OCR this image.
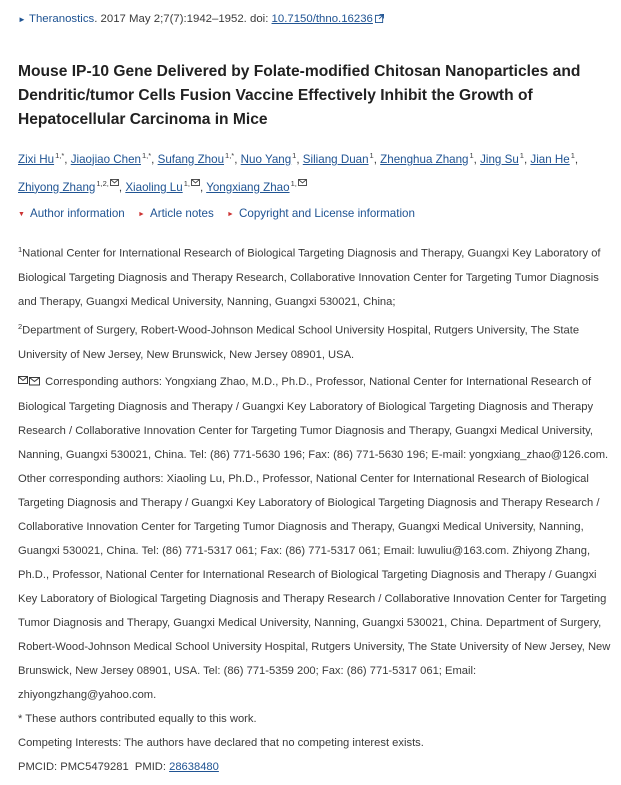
► Theranostics. 2017 May 2;7(7):1942–1952. doi: 10.7150/thno.16236
Mouse IP-10 Gene Delivered by Folate-modified Chitosan Nanoparticles and Dendritic/tumor Cells Fusion Vaccine Effectively Inhibit the Growth of Hepatocellular Carcinoma in Mice
Zixi $Hu^{1,*}$, Jiaojiao Chen$^{1,*}$, Sufang Zhou$^{1,*}$, Nuo Yang$^1$, Siliang Duan$^1$, Zhenghua Zhang$^1$, Jing Su$^1$, Jian He$^1$,
Zhiyong Zhang$^{1,2,}$ , Xiaoling $Lu^{1,}$ , Yongxiang Zhao$^{1,}$
▼ Author information ► Article notes ► Copyright and License information

$^1$National Center for International Research of Biological Targeting Diagnosis and Therapy, Guangxi Key Laboratory of Biological Targeting Diagnosis and Therapy Research, Collaborative Innovation Center for Targeting Tumor Diagnosis and Therapy, Guangxi Medical University, Nanning, Guangxi 530021, China;

$^2$Department of Surgery, Robert-Wood-Johnson Medical School University Hospital, Rutgers University, The State University of New Jersey, New Brunswick, New Jersey 08901, USA.

Corresponding authors: Yongxiang Zhao, M.D., Ph.D., Professor, National Center for International Research of Biological Targeting Diagnosis and Therapy / Guangxi Key Laboratory of Biological Targeting Diagnosis and Therapy Research / Collaborative Innovation Center for Targeting Tumor Diagnosis and Therapy, Guangxi Medical University, Nanning, Guangxi 530021, China. Tel: (86) 771-5630 196; Fax: (86) 771-5630 196; E-mail: yongxiang_zhao@126.com. Other corresponding authors: Xiaoling Lu, Ph.D., Professor, National Center for International Research of Biological Targeting Diagnosis and Therapy / Guangxi Key Laboratory of Biological Targeting Diagnosis and Therapy Research / Collaborative Innovation Center for Targeting Tumor Diagnosis and Therapy, Guangxi Medical University, Nanning, Guangxi 530021, China. Tel: (86) 771-5317 061; Fax: (86) 771-5317 061; Email: luwuliu@163.com. Zhiyong Zhang, Ph.D., Professor, National Center for International Research of Biological Targeting Diagnosis and Therapy / Guangxi Key Laboratory of Biological Targeting Diagnosis and Therapy Research / Collaborative Innovation Center for Targeting Tumor Diagnosis and Therapy, Guangxi Medical University, Nanning, Guangxi 530021, China. Department of Surgery, Robert-Wood-Johnson Medical School University Hospital, Rutgers University, The State University of New Jersey, New Brunswick, New Jersey 08901, USA. Tel: (86) 771-5359 200; Fax: (86) 771-5317 061; Email: zhiyongzhang@yahoo.com.

* These authors contributed equally to this work.

Competing Interests: The authors have declared that no competing interest exists.

PMCID: PMC5479281 PMID: 28638480
